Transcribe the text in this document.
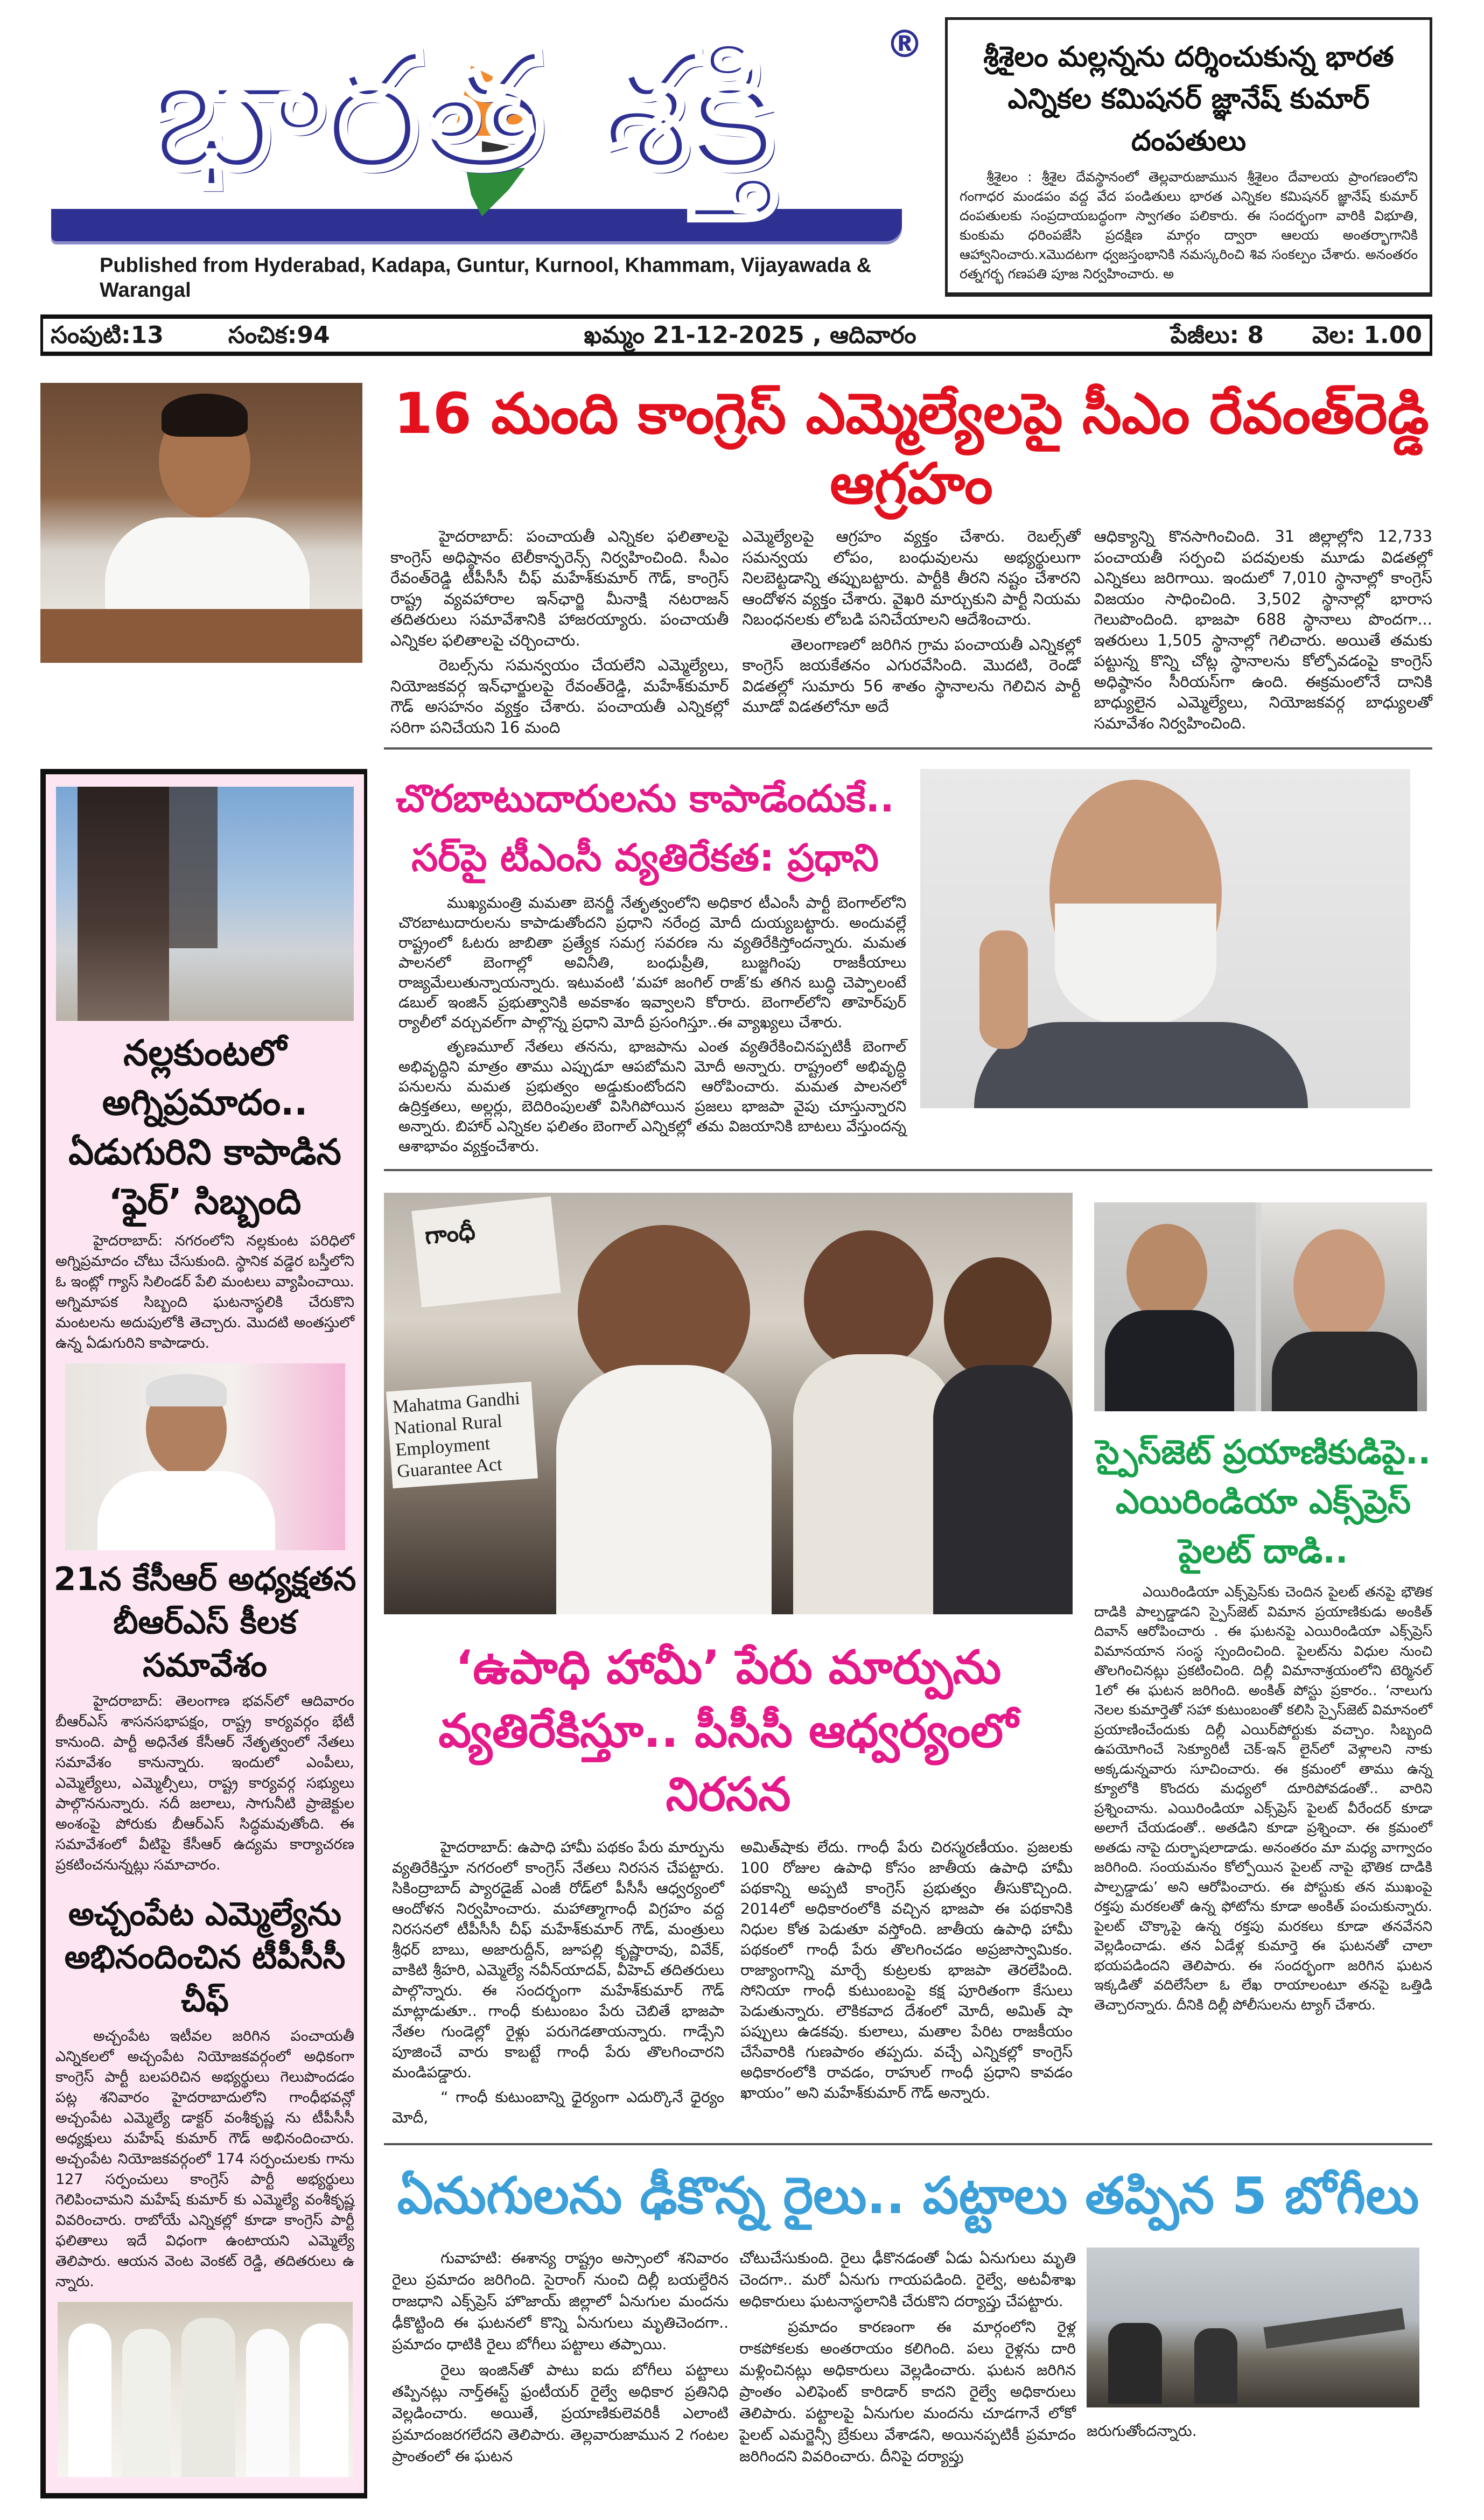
భారత శక్తి	®
Published from Hyderabad, Kadapa, Guntur, Kurnool, Khammam, Vijayawada & Warangal
శ్రీశైలం మల్లన్నను దర్శించుకున్న భారత ఎన్నికల కమిషనర్ జ్ఞానేష్ కుమార్ దంపతులు

శ్రీశైలం : శ్రీశైల దేవస్థానంలో తెల్లవారుజామున శ్రీశైలం దేవాలయ ప్రాంగణంలోని గంగాధర మండపం వద్ద వేద పండితులు భారత ఎన్నికల కమిషనర్ జ్ఞానేష్ కుమార్ దంపతులకు సంప్రదాయబద్ధంగా స్వాగతం పలికారు. ఈ సందర్భంగా వారికి విభూతి, కుంకుమ ధరింపజేసి ప్రదక్షిణ మార్గం ద్వారా ఆలయ అంతర్భాగానికి ఆహ్వానించారు.xమొదటగా ధ్వజస్తంభానికి నమస్కరించి శివ సంకల్పం చేశారు. అనంతరం రత్నగర్భ గణపతి పూజ నిర్వహించారు. అ

సంపుటి:13	సంచిక:94	ఖమ్మం 21-12-2025 , ఆదివారం	పేజీలు: 8 వెల: 1.00
16 మంది కాంగ్రెస్ ఎమ్మెల్యేలపై సీఎం రేవంత్‌రెడ్డి ఆగ్రహం

హైదరాబాద్: పంచాయతీ ఎన్నికల ఫలితాలపై కాంగ్రెస్ అధిష్ఠానం టెలీకాన్ఫరెన్స్ నిర్వహించింది. సీఎం రేవంత్‌రెడ్డి టీపీసీసీ చీఫ్ మహేశ్‌కుమార్ గౌడ్, కాంగ్రెస్ రాష్ట్ర వ్యవహారాల ఇన్‌ఛార్జి మీనాక్షి నటరాజన్ తదితరులు సమావేశానికి హాజరయ్యారు. పంచాయతీ ఎన్నికల ఫలితాలపై చర్చించారు.

రెబల్స్‌ను సమన్వయం చేయలేని ఎమ్మెల్యేలు, నియోజకవర్గ ఇన్‌ఛార్జులపై రేవంత్‌రెడ్డి, మహేశ్‌కుమార్ గౌడ్ అసహనం వ్యక్తం చేశారు. పంచాయతీ ఎన్నికల్లో సరిగా పనిచేయని 16 మంది

ఎమ్మెల్యేలపై ఆగ్రహం వ్యక్తం చేశారు. రెబల్స్‌తో సమన్వయ లోపం, బంధువులను అభ్యర్థులుగా నిలబెట్టడాన్ని తప్పుబట్టారు. పార్టీకి తీరని నష్టం చేశారని ఆందోళన వ్యక్తం చేశారు. వైఖరి మార్చుకుని పార్టీ నియమ నిబంధనలకు లోబడి పనిచేయాలని ఆదేశించారు.

తెలంగాణలో జరిగిన గ్రామ పంచాయతీ ఎన్నికల్లో కాంగ్రెస్ జయకేతనం ఎగురవేసింది. మొదటి, రెండో విడతల్లో సుమారు 56 శాతం స్థానాలను గెలిచిన పార్టీ మూడో విడతలోనూ అదే

ఆధిక్యాన్ని కొనసాగించింది. 31 జిల్లాల్లోని 12,733 పంచాయతీ సర్పంచి పదవులకు మూడు విడతల్లో ఎన్నికలు జరిగాయి. ఇందులో 7,010 స్థానాల్లో కాంగ్రెస్ విజయం సాధించింది. 3,502 స్థానాల్లో భారాస గెలుపొందింది. భాజపా 688 స్థానాలు పొందగా... ఇతరులు 1,505 స్థానాల్లో గెలిచారు. అయితే తమకు పట్టున్న కొన్ని చోట్ల స్థానాలను కోల్పోవడంపై కాంగ్రెస్ అధిష్ఠానం సీరియస్‌గా ఉంది. ఈక్రమంలోనే దానికి బాధ్యులైన ఎమ్మెల్యేలు, నియోజకవర్గ బాధ్యులతో సమావేశం నిర్వహించింది.

నల్లకుంటలో అగ్నిప్రమాదం.. ఏడుగురిని కాపాడిన ‘ఫైర్’ సిబ్బంది

హైదరాబాద్: నగరంలోని నల్లకుంట పరిధిలో అగ్నిప్రమాదం చోటు చేసుకుంది. స్థానిక వడ్డెర బస్తీలోని ఓ ఇంట్లో గ్యాస్ సిలిండర్ పేలి మంటలు వ్యాపించాయి. అగ్నిమాపక సిబ్బంది ఘటనాస్థలికి చేరుకొని మంటలను అదుపులోకి తెచ్చారు. మొదటి అంతస్తులో ఉన్న ఏడుగురిని కాపాడారు.

21న కేసీఆర్ అధ్యక్షతన బీఆర్‌ఎస్ కీలక సమావేశం

హైదరాబాద్: తెలంగాణ భవన్‌లో ఆదివారం బీఆర్ఎస్ శాసనసభాపక్షం, రాష్ట్ర కార్యవర్గం భేటీ కానుంది. పార్టీ అధినేత కేసీఆర్ నేతృత్వంలో నేతలు సమావేశం కానున్నారు. ఇందులో ఎంపీలు, ఎమ్మెల్యేలు, ఎమ్మెల్సీలు, రాష్ట్ర కార్యవర్గ సభ్యులు పాల్గొననున్నారు. నదీ జలాలు, సాగునీటి ప్రాజెక్టుల అంశంపై పోరుకు బీఆర్ఎస్ సిద్ధమవుతోంది. ఈ సమావేశంలో వీటిపై కేసీఆర్ ఉద్యమ కార్యాచరణ ప్రకటించనున్నట్లు సమాచారం.

అచ్చంపేట ఎమ్మెల్యేను అభినందించిన టీపీసీసీ చీఫ్

అచ్చంపేట ఇటీవల జరిగిన పంచాయతీ ఎన్నికలలో అచ్చంపేట నియోజకవర్గంలో అధికంగా కాంగ్రెస్ పార్టీ బలపరిచిన అభ్యర్థులు గెలుపొందడం పట్ల శనివారం హైదరాబాదులోని గాంధీభవన్లో అచ్చంపేట ఎమ్మెల్యే డాక్టర్ వంశీకృష్ణ ను టీపీసీసీ అధ్యక్షులు మహేష్ కుమార్ గౌడ్ అభినందించారు. అచ్చంపేట నియోజకవర్గంలో 174 సర్పంచులకు గాను 127 సర్పంచులు కాంగ్రెస్ పార్టీ అభ్యర్థులు గెలిపించామని మహేష్ కుమార్ కు ఎమ్మెల్యే వంశీకృష్ణ వివరించారు. రాబోయే ఎన్నికల్లో కూడా కాంగ్రెస్ పార్టీ ఫలితాలు ఇదే విధంగా ఉంటాయని ఎమ్మెల్యే తెలిపారు. ఆయన వెంట వెంకట్ రెడ్డి, తదితరులు ఉ న్నారు.

చొరబాటుదారులను కాపాడేందుకే..
సర్‌పై టీఎంసీ వ్యతిరేకత: ప్రధాని

ముఖ్యమంత్రి మమతా బెనర్జీ నేతృత్వంలోని అధికార టీఎంసీ పార్టీ బెంగాల్‌లోని చొరబాటుదారులను కాపాడుతోందని ప్రధాని నరేంద్ర మోదీ దుయ్యబట్టారు. అందువల్లే రాష్ట్రంలో ఓటరు జాబితా ప్రత్యేక సమగ్ర సవరణ ను వ్యతిరేకిస్తోందన్నారు. మమత పాలనలో బెంగాల్లో అవినీతి, బంధుప్రీతి, బుజ్జగింపు రాజకీయాలు రాజ్యమేలుతున్నాయన్నారు. ఇటువంటి ‘మహా జంగిల్ రాజ్’కు తగిన బుద్ధి చెప్పాలంటే డబుల్ ఇంజిన్ ప్రభుత్వానికి అవకాశం ఇవ్వాలని కోరారు. బెంగాల్‌లోని తాహెర్‌పుర్ ర్యాలీలో వర్చువల్‌గా పాల్గొన్న ప్రధాని మోదీ ప్రసంగిస్తూ..ఈ వ్యాఖ్యలు చేశారు.

తృణమూల్ నేతలు తనను, భాజపాను ఎంత వ్యతిరేకించినప్పటికీ బెంగాల్ అభివృద్ధిని మాత్రం తాము ఎప్పుడూ ఆపబోమని మోదీ అన్నారు. రాష్ట్రంలో అభివృద్ధి పనులను మమత ప్రభుత్వం అడ్డుకుంటోందని ఆరోపించారు. మమత పాలనలో ఉద్రిక్తతలు, అల్లర్లు, బెదిరింపులతో విసిగిపోయిన ప్రజలు భాజపా వైపు చూస్తున్నారని అన్నారు. బిహార్ ఎన్నికల ఫలితం బెంగాల్ ఎన్నికల్లో తమ విజయానికి బాటలు వేస్తుందన్న ఆశాభావం వ్యక్తంచేశారు.

గాంధీ
Mahatma Gandhi National Rural Employment Guarantee Act
‘ఉపాధి హామీ’ పేరు మార్పును
వ్యతిరేకిస్తూ.. పీసీసీ ఆధ్వర్యంలో నిరసన

హైదరాబాద్: ఉపాధి హామీ పథకం పేరు మార్పును వ్యతిరేకిస్తూ నగరంలో కాంగ్రెస్ నేతలు నిరసన చేపట్టారు. సికింద్రాబాద్ ప్యారడైజ్ ఎంజీ రోడ్‌లో పీసీసీ ఆధ్వర్యంలో ఆందోళన నిర్వహించారు. మహాత్మాగాంధీ విగ్రహం వద్ద నిరసనలో టీపీసీసీ చీఫ్ మహేశ్‌కుమార్ గౌడ్, మంత్రులు శ్రీధర్ బాబు, అజారుద్దీన్, జూపల్లి కృష్ణారావు, వివేక్, వాకిటి శ్రీహరి, ఎమ్మెల్యే నవీన్‌యాదవ్, వీహెచ్ తదితరులు పాల్గొన్నారు. ఈ సందర్భంగా మహేశ్‌కుమార్ గౌడ్ మాట్లాడుతూ.. గాంధీ కుటుంబం పేరు చెబితే భాజపా నేతల గుండెల్లో రైళ్లు పరుగెడతాయన్నారు. గాడ్సేని పూజించే వారు కాబట్టే గాంధీ పేరు తొలగించారని మండిపడ్డారు.

“ గాంధీ కుటుంబాన్ని ధైర్యంగా ఎదుర్కొనే ధైర్యం మోదీ,

అమిత్‌షాకు లేదు. గాంధీ పేరు చిరస్మరణీయం. ప్రజలకు 100 రోజుల ఉపాధి కోసం జాతీయ ఉపాధి హామీ పథకాన్ని అప్పటి కాంగ్రెస్ ప్రభుత్వం తీసుకొచ్చింది. 2014లో అధికారంలోకి వచ్చిన భాజపా ఈ పథకానికి నిధుల కోత పెడుతూ వస్తోంది. జాతీయ ఉపాధి హామీ పథకంలో గాంధీ పేరు తొలగించడం అప్రజాస్వామికం. రాజ్యాంగాన్ని మార్చే కుట్రలకు భాజపా తెరలేపింది. సోనియా గాంధీ కుటుంబంపై కక్ష పూరితంగా కేసులు పెడుతున్నారు. లౌకికవాద దేశంలో మోదీ, అమిత్ షా పప్పులు ఉడకవు. కులాలు, మతాల పేరిట రాజకీయం చేసేవారికి గుణపాఠం తప్పదు. వచ్చే ఎన్నికల్లో కాంగ్రెస్ అధికారంలోకి రావడం, రాహుల్ గాంధీ ప్రధాని కావడం ఖాయం” అని మహేశ్‌కుమార్ గౌడ్ అన్నారు.

స్పైస్‌జెట్ ప్రయాణికుడిపై.. ఎయిరిండియా ఎక్స్‌ప్రెస్ పైలట్ దాడి..

ఎయిరిండియా ఎక్స్‌ప్రెస్‌కు చెందిన పైలట్ తనపై భౌతిక దాడికి పాల్పడ్డాడని స్పైస్‌జెట్ విమాన ప్రయాణికుడు అంకిత్ దివాన్ ఆరోపించారు . ఈ ఘటనపై ఎయిరిండియా ఎక్స్‌ప్రెస్ విమానయాన సంస్థ స్పందించింది. పైలట్‌ను విధుల నుంచి తొలగించినట్లు ప్రకటించింది. దిల్లీ విమానాశ్రయంలోని టెర్మినల్ 1లో ఈ ఘటన జరిగింది. అంకిత్ పోస్టు ప్రకారం.. ‘నాలుగు నెలల కుమార్తెతో సహా కుటుంబంతో కలిసి స్పైస్‌జెట్ విమానంలో ప్రయాణించేందుకు దిల్లీ ఎయిర్‌పోర్టుకు వచ్చాం. సిబ్బంది ఉపయోగించే సెక్యూరిటీ చెక్-ఇన్ లైన్‌లో వెళ్లాలని నాకు అక్కడున్నవారు సూచించారు. ఈ క్రమంలో తాము ఉన్న క్యూలోకి కొందరు మధ్యలో దూరిపోవడంతో.. వారిని ప్రశ్నించాను. ఎయిరిండియా ఎక్స్‌ప్రెస్ పైలట్ వీరేందర్ కూడా అలాగే చేయడంతో.. అతడిని కూడా ప్రశ్నించా. ఈ క్రమంలో అతడు నాపై దుర్భాషలాడాడు. అనంతరం మా మధ్య వాగ్వాదం జరిగింది. సంయమనం కోల్పోయిన పైలట్ నాపై భౌతిక దాడికి పాల్పడ్డాడు’ అని ఆరోపించారు. ఈ పోస్టుకు తన ముఖంపై రక్తపు మరకలతో ఉన్న ఫోటోను కూడా అంకిత్ పంచుకున్నారు. పైలట్ చొక్కాపై ఉన్న రక్తపు మరకలు కూడా తనవేనని వెల్లడించాడు. తన ఏడేళ్ల కుమార్తె ఈ ఘటనతో చాలా భయపడిందని తెలిపారు. ఈ సందర్భంగా జరిగిన ఘటన ఇక్కడితో వదిలేసేలా ఓ లేఖ రాయాలంటూ తనపై ఒత్తిడి తెచ్చారన్నారు. దీనికి దిల్లీ పోలీసులను ట్యాగ్ చేశారు.

ఏనుగులను ఢీకొన్న రైలు.. పట్టాలు తప్పిన 5 బోగీలు

గువాహటి: ఈశాన్య రాష్ట్రం అస్సాంలో శనివారం రైలు ప్రమాదం జరిగింది. సైరాంగ్ నుంచి దిల్లీ బయల్దేరిన రాజధాని ఎక్స్‌ప్రెస్ హొజాయ్ జిల్లాలో ఏనుగుల మందను ఢీకొట్టింది ఈ ఘటనలో కొన్ని ఏనుగులు మృతిచెందగా.. ప్రమాదం ధాటికి రైలు బోగీలు పట్టాలు తప్పాయి.

రైలు ఇంజిన్‌తో పాటు ఐదు బోగీలు పట్టాలు తప్పినట్లు నార్త్‌ఈస్ట్ ఫ్రంటీయర్ రైల్వే అధికార ప్రతినిధి వెల్లడించారు. అయితే, ప్రయాణికులెవరికీ ఎలాంటి ప్రమాదంజరగలేదని తెలిపారు. తెల్లవారుజామున 2 గంటల ప్రాంతంలో ఈ ఘటన

చోటుచేసుకుంది. రైలు ఢీకొనడంతో ఏడు ఏనుగులు మృతి చెందగా.. మరో ఏనుగు గాయపడింది. రైల్వే, అటవీశాఖ అధికారులు ఘటనాస్థలానికి చేరుకొని దర్యాప్తు చేపట్టారు.

ప్రమాదం కారణంగా ఈ మార్గంలోని రైళ్ల రాకపోకలకు అంతరాయం కలిగింది. పలు రైళ్లను దారి మళ్లించినట్లు అధికారులు వెల్లడించారు. ఘటన జరిగిన ప్రాంతం ఎలిఫెంట్ కారిడార్ కాదని రైల్వే అధికారులు తెలిపారు. పట్టాలపై ఏనుగుల మందను చూడగానే లోకో పైలట్ ఎమర్జెన్సీ బ్రేకులు వేశాడని, అయినప్పటికీ ప్రమాదం జరిగిందని వివరించారు. దీనిపై దర్యాప్తు

జరుగుతోందన్నారు.
